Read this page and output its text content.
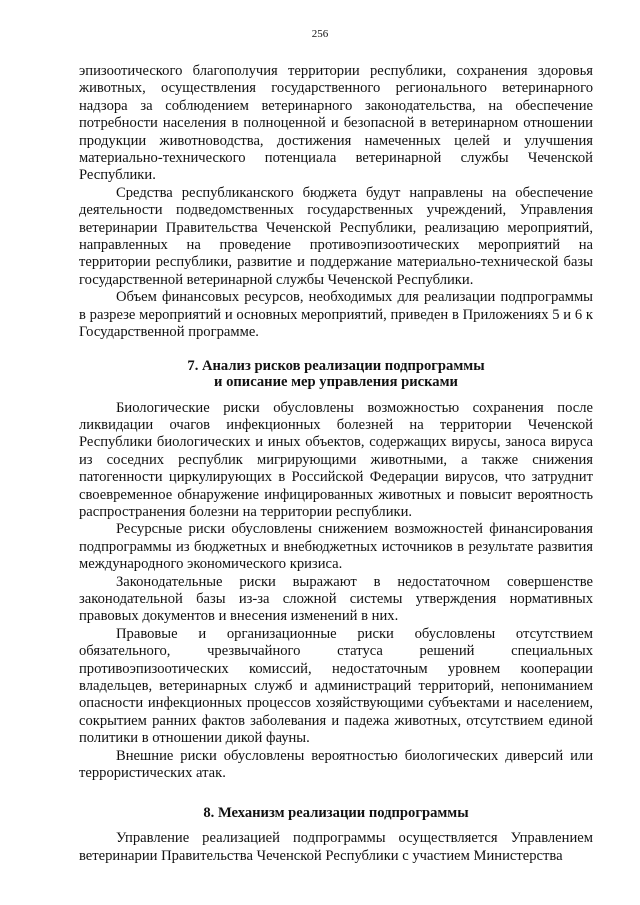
256

эпизоотического благополучия территории республики, сохранения здоровья животных, осуществления государственного регионального ветеринарного надзора за соблюдением ветеринарного законодательства, на обеспечение потребности населения в полноценной и безопасной в ветеринарном отношении продукции животноводства, достижения намеченных целей и улучшения материально-технического потенциала ветеринарной службы Чеченской Республики.

Средства республиканского бюджета будут направлены на обеспечение деятельности подведомственных государственных учреждений, Управления ветеринарии Правительства Чеченской Республики, реализацию мероприятий, направленных на проведение противоэпизоотических мероприятий на территории республики, развитие и поддержание материально-технической базы государственной ветеринарной службы Чеченской Республики.

Объем финансовых ресурсов, необходимых для реализации подпрограммы в разрезе мероприятий и основных мероприятий, приведен в Приложениях 5 и 6 к Государственной программе.

7. Анализ рисков реализации подпрограммы
и описание мер управления рисками

Биологические риски обусловлены возможностью сохранения после ликвидации очагов инфекционных болезней на территории Чеченской Республики биологических и иных объектов, содержащих вирусы, заноса вируса из соседних республик мигрирующими животными, а также снижения патогенности циркулирующих в Российской Федерации вирусов, что затруднит своевременное обнаружение инфицированных животных и повысит вероятность распространения болезни на территории республики.

Ресурсные риски обусловлены снижением возможностей финансирования подпрограммы из бюджетных и внебюджетных источников в результате развития международного экономического кризиса.

Законодательные риски выражают в недостаточном совершенстве законодательной базы из-за сложной системы утверждения нормативных правовых документов и внесения изменений в них.

Правовые и организационные риски обусловлены отсутствием обязательного, чрезвычайного статуса решений специальных противоэпизоотических комиссий, недостаточным уровнем кооперации владельцев, ветеринарных служб и администраций территорий, непониманием опасности инфекционных процессов хозяйствующими субъектами и населением, сокрытием ранних фактов заболевания и падежа животных, отсутствием единой политики в отношении дикой фауны.

Внешние риски обусловлены вероятностью биологических диверсий или террористических атак.

8. Механизм реализации подпрограммы

Управление реализацией подпрограммы осуществляется Управлением ветеринарии Правительства Чеченской Республики с участием Министерства
